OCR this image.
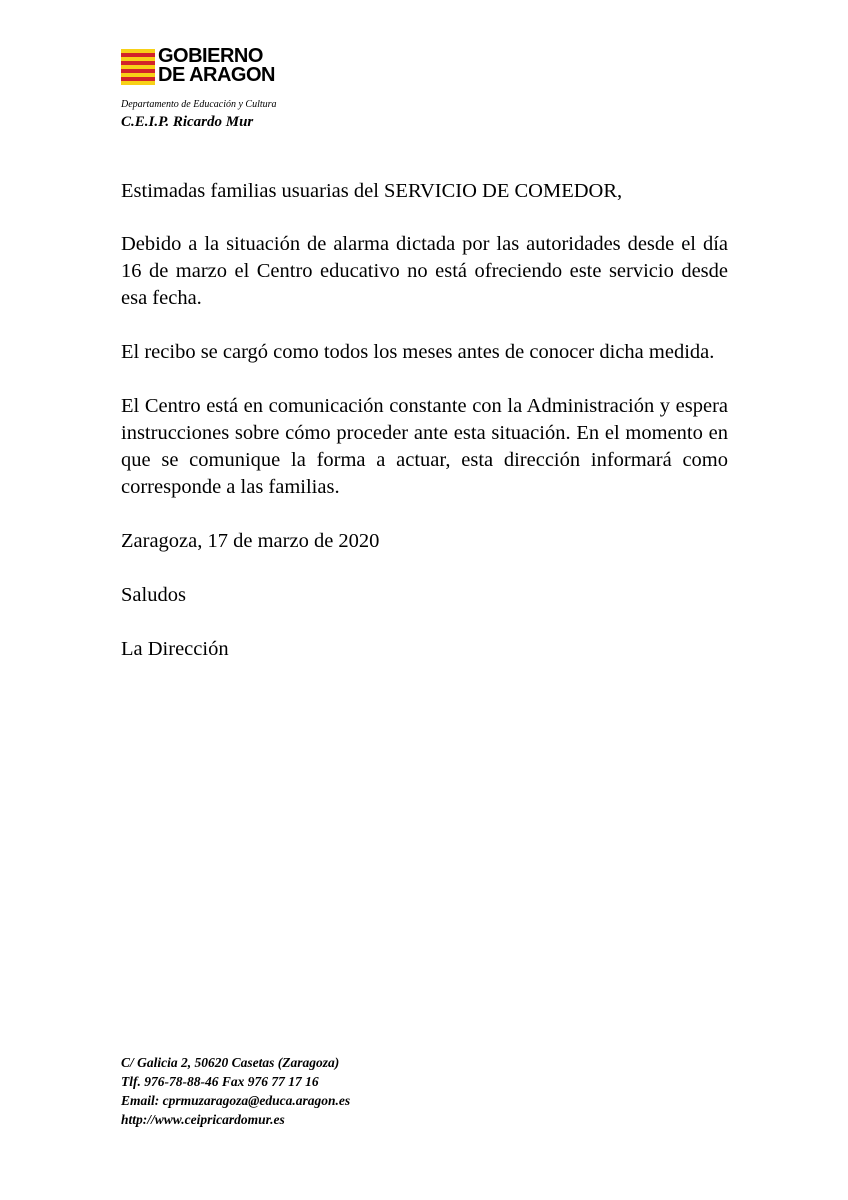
GOBIERNO
DE ARAGON
Departamento de Educación y Cultura
C.E.I.P. Ricardo Mur

Estimadas familias usuarias del SERVICIO DE COMEDOR,

Debido a la situación de alarma dictada por las autoridades desde el día 16 de marzo el Centro educativo no está ofreciendo este servicio desde esa fecha.

El recibo se cargó como todos los meses antes de conocer dicha medida.

El Centro está en comunicación constante con la Administración y espera instrucciones sobre cómo proceder ante esta situación. En el momento en que se comunique la forma a actuar, esta dirección informará como corresponde a las familias.

Zaragoza, 17 de marzo de 2020

Saludos

La Dirección

C/ Galicia 2, 50620 Casetas (Zaragoza)
Tlf. 976-78-88-46 Fax 976 77 17 16
Email: cprmuzaragoza@educa.aragon.es
http://www.ceipricardomur.es
